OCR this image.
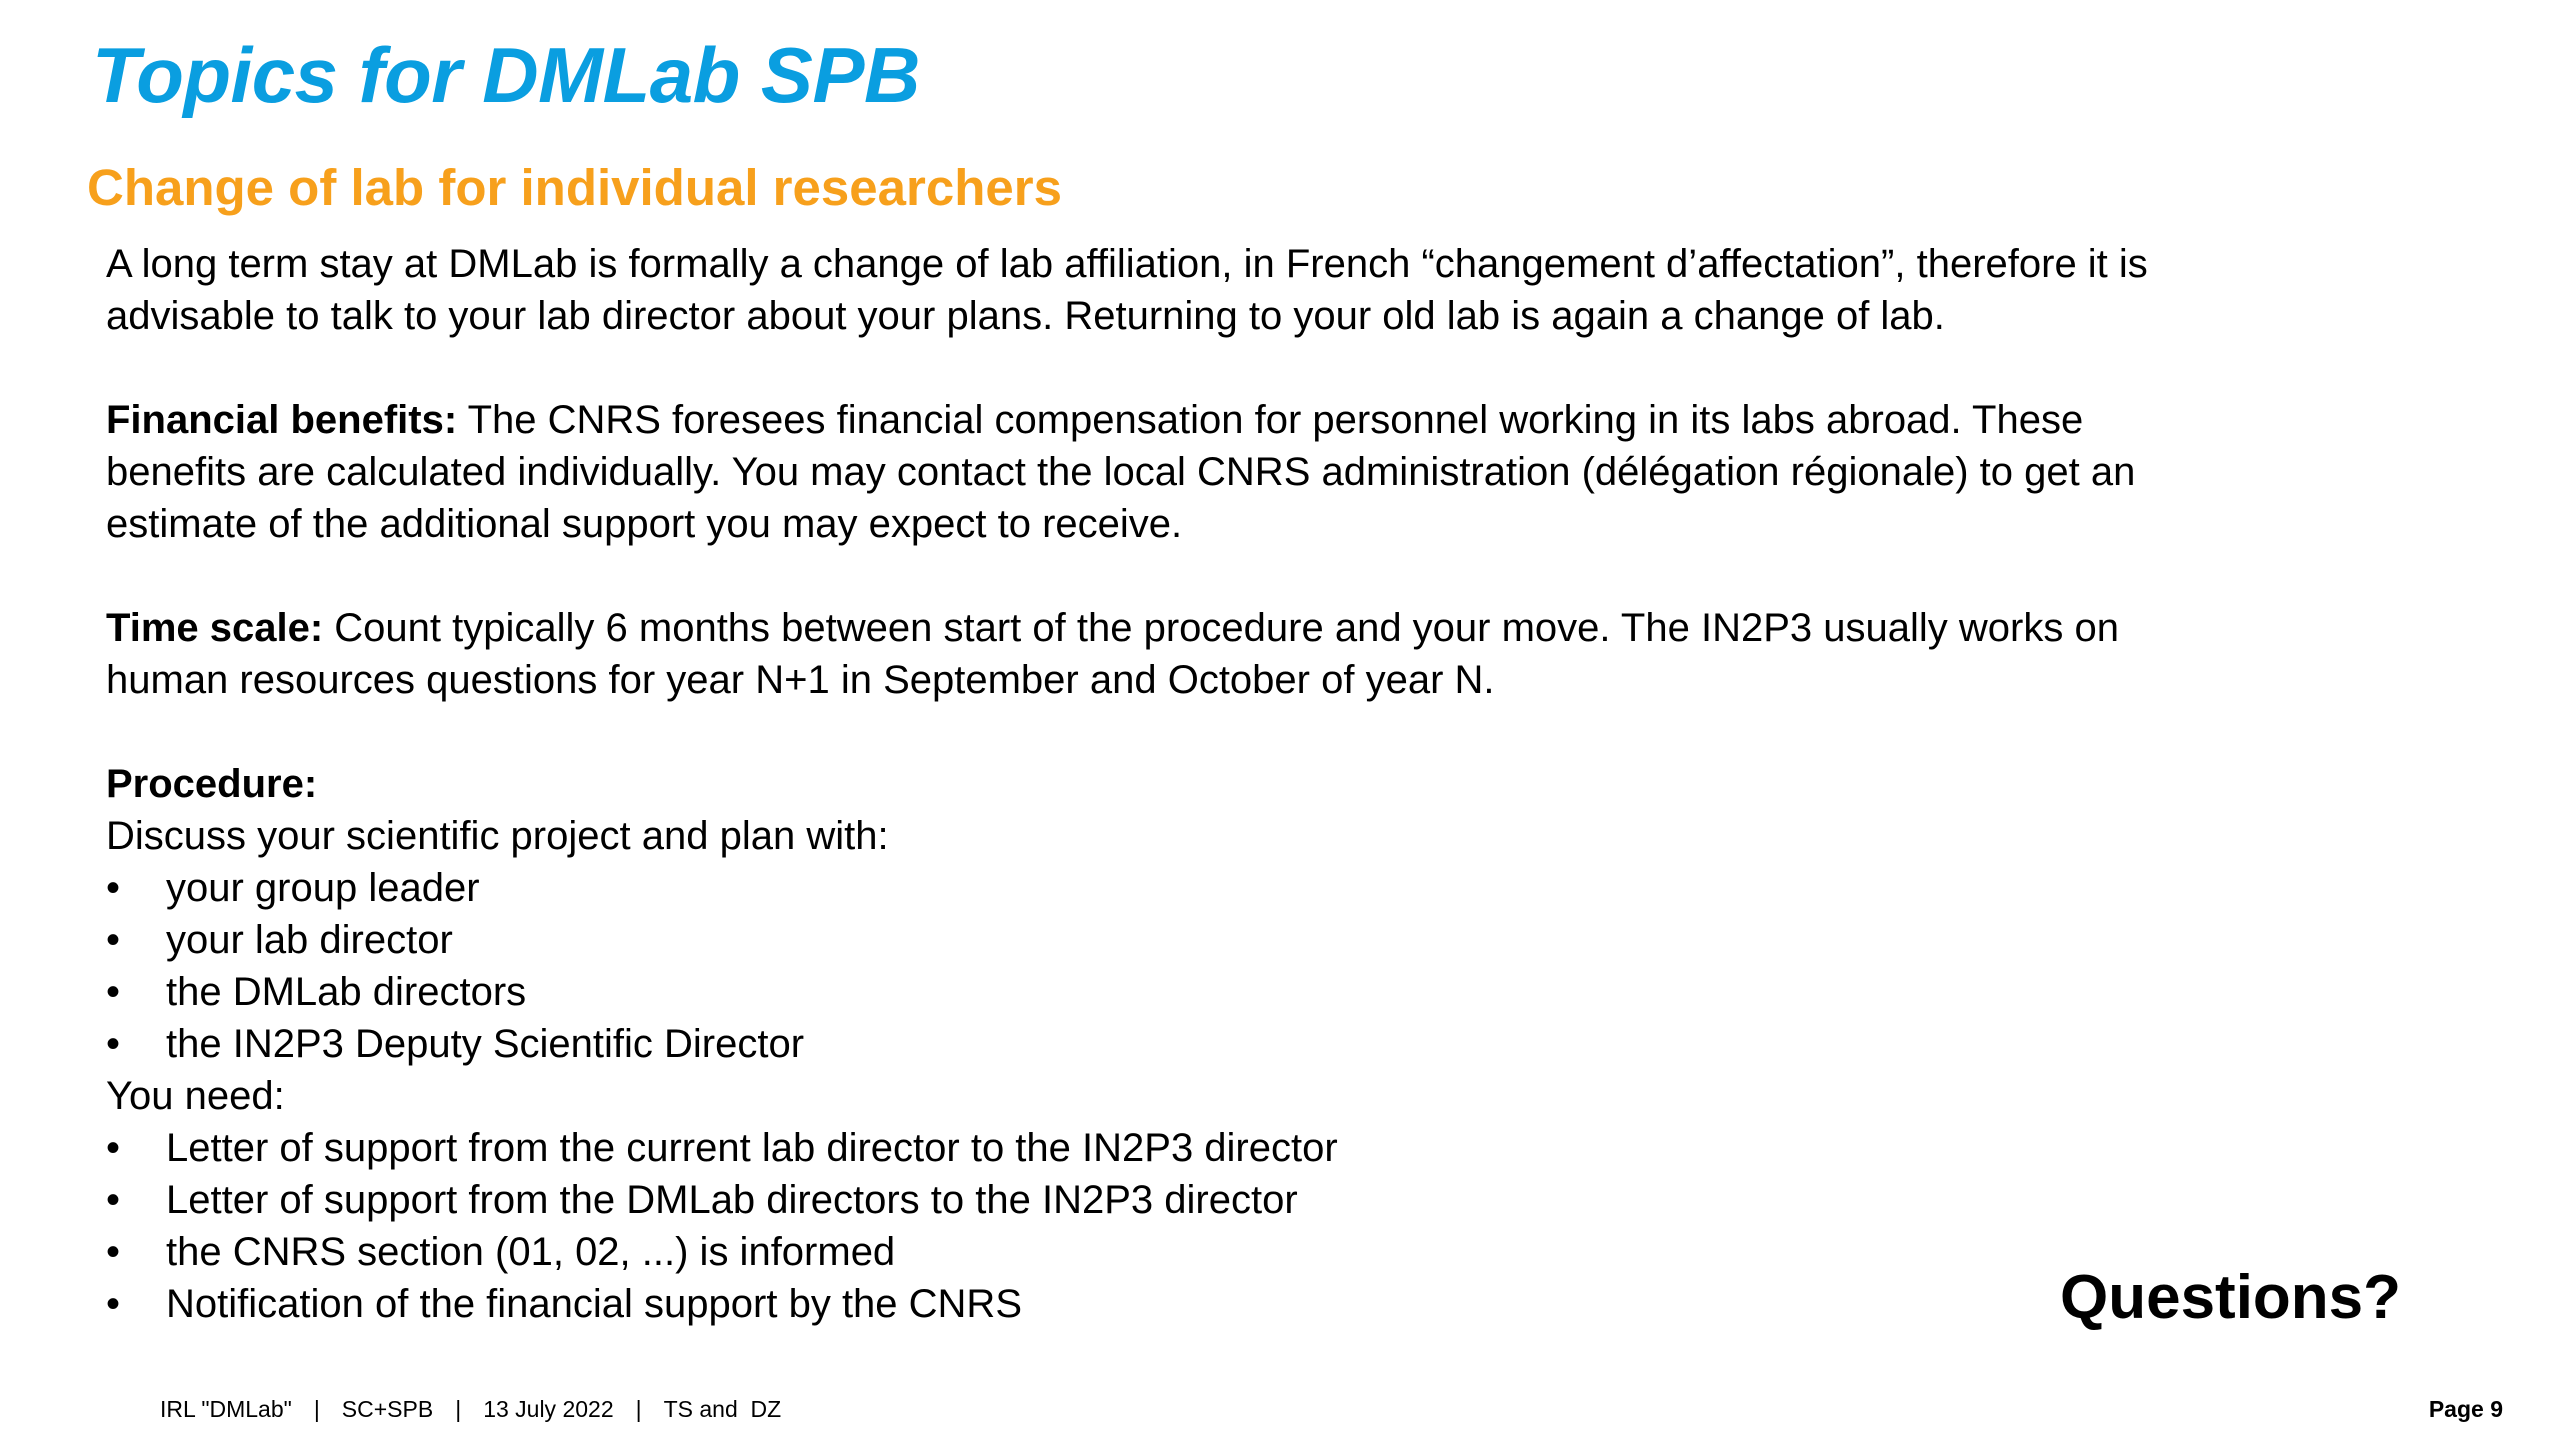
Topics for DMLab SPB
Change of lab for individual researchers

A long term stay at DMLab is formally a change of lab affiliation, in French “changement d’affectation”, therefore it is
advisable to talk to your lab director about your plans. Returning to your old lab is again a change of lab.

Financial benefits: The CNRS foresees financial compensation for personnel working in its labs abroad. These
benefits are calculated individually. You may contact the local CNRS administration (délégation régionale) to get an
estimate of the additional support you may expect to receive.

Time scale: Count typically 6 months between start of the procedure and your move. The IN2P3 usually works on
human resources questions for year N+1 in September and October of year N.

Procedure:

Discuss your scientific project and plan with:

• your group leader
• your lab director
• the DMLab directors
• the IN2P3 Deputy Scientific Director

You need:

• Letter of support from the current lab director to the IN2P3 director
• Letter of support from the DMLab directors to the IN2P3 director
• the CNRS section (01, 02, ...) is informed
• Notification of the financial support by the CNRS	Questions?

IRL "DMLab" | SC+SPB | 13 July 2022 | TS and  DZ	Page 9
